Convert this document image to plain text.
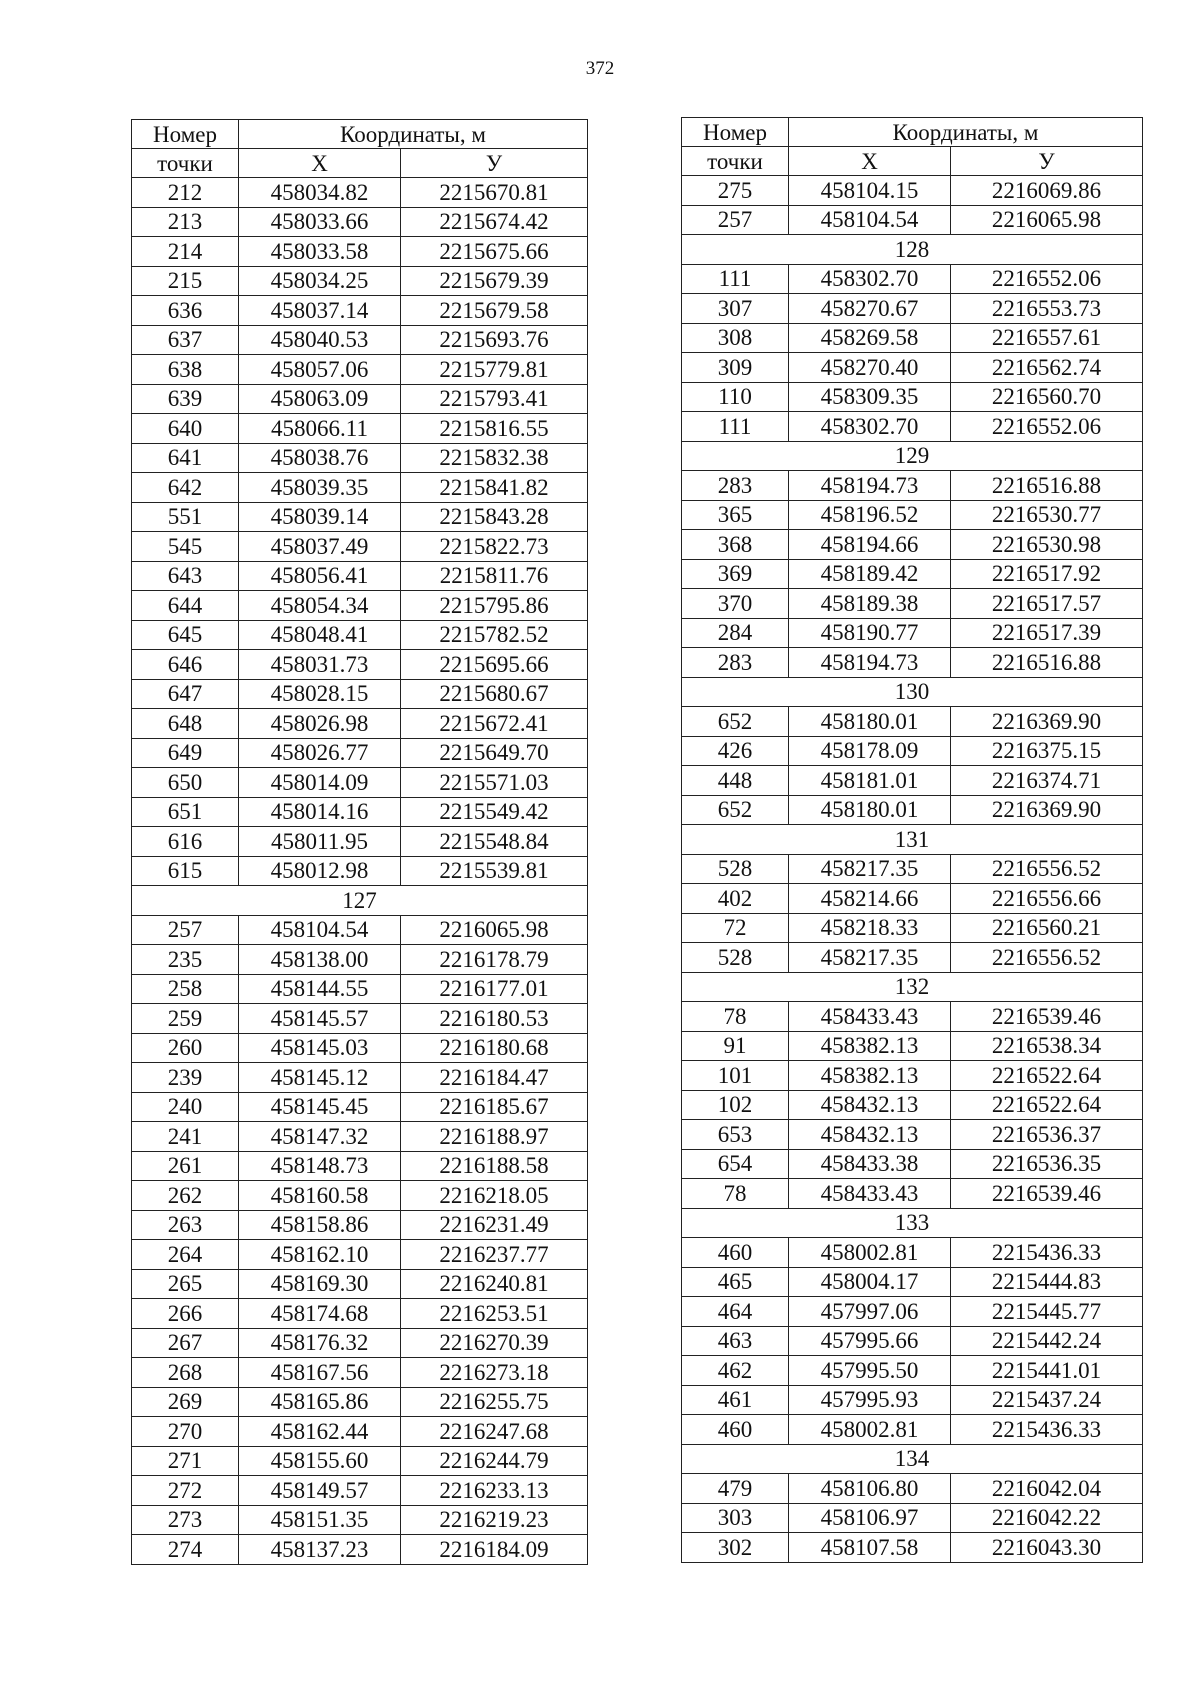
372
Номер	Координаты, м	
точки	X	У
212	458034.82	2215670.81
213	458033.66	2215674.42
214	458033.58	2215675.66
215	458034.25	2215679.39
636	458037.14	2215679.58
637	458040.53	2215693.76
638	458057.06	2215779.81
639	458063.09	2215793.41
640	458066.11	2215816.55
641	458038.76	2215832.38
642	458039.35	2215841.82
551	458039.14	2215843.28
545	458037.49	2215822.73
643	458056.41	2215811.76
644	458054.34	2215795.86
645	458048.41	2215782.52
646	458031.73	2215695.66
647	458028.15	2215680.67
648	458026.98	2215672.41
649	458026.77	2215649.70
650	458014.09	2215571.03
651	458014.16	2215549.42
616	458011.95	2215548.84
615	458012.98	2215539.81
127		
257	458104.54	2216065.98
235	458138.00	2216178.79
258	458144.55	2216177.01
259	458145.57	2216180.53
260	458145.03	2216180.68
239	458145.12	2216184.47
240	458145.45	2216185.67
241	458147.32	2216188.97
261	458148.73	2216188.58
262	458160.58	2216218.05
263	458158.86	2216231.49
264	458162.10	2216237.77
265	458169.30	2216240.81
266	458174.68	2216253.51
267	458176.32	2216270.39
268	458167.56	2216273.18
269	458165.86	2216255.75
270	458162.44	2216247.68
271	458155.60	2216244.79
272	458149.57	2216233.13
273	458151.35	2216219.23
274	458137.23	2216184.09
Номер	Координаты, м	
точки	X	У
275	458104.15	2216069.86
257	458104.54	2216065.98
128		
111	458302.70	2216552.06
307	458270.67	2216553.73
308	458269.58	2216557.61
309	458270.40	2216562.74
110	458309.35	2216560.70
111	458302.70	2216552.06
129		
283	458194.73	2216516.88
365	458196.52	2216530.77
368	458194.66	2216530.98
369	458189.42	2216517.92
370	458189.38	2216517.57
284	458190.77	2216517.39
283	458194.73	2216516.88
130		
652	458180.01	2216369.90
426	458178.09	2216375.15
448	458181.01	2216374.71
652	458180.01	2216369.90
131		
528	458217.35	2216556.52
402	458214.66	2216556.66
72	458218.33	2216560.21
528	458217.35	2216556.52
132		
78	458433.43	2216539.46
91	458382.13	2216538.34
101	458382.13	2216522.64
102	458432.13	2216522.64
653	458432.13	2216536.37
654	458433.38	2216536.35
78	458433.43	2216539.46
133		
460	458002.81	2215436.33
465	458004.17	2215444.83
464	457997.06	2215445.77
463	457995.66	2215442.24
462	457995.50	2215441.01
461	457995.93	2215437.24
460	458002.81	2215436.33
134		
479	458106.80	2216042.04
303	458106.97	2216042.22
302	458107.58	2216043.30
